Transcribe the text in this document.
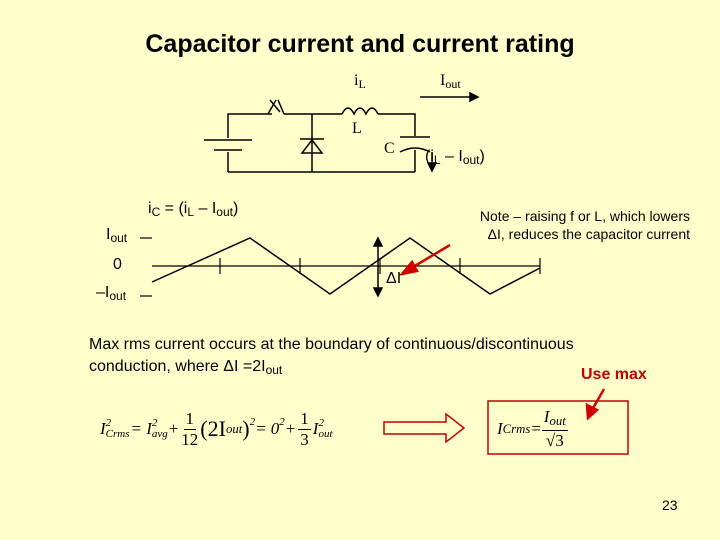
Capacitor current and current rating
$i_L$	$I_{out}$
L
C $(i_L - I_{out})$
$i_C = (i_L - I_{out})$
$I_{out}$
0
$-I_{out}$
ΔI
Note – raising f or L, which lowers
ΔI, reduces the capacitor current
Max rms current occurs at the boundary of continuous/discontinuous
conduction, where $\Delta I =2I_{out}$	Use max
I 2
Crms = I 2
avg + $\frac{1}{12} (2I$ out ) 2 = 0 $2 + \frac{1}{3}$ I 2
out	I Crms =
$I_{out}$
√3
23
